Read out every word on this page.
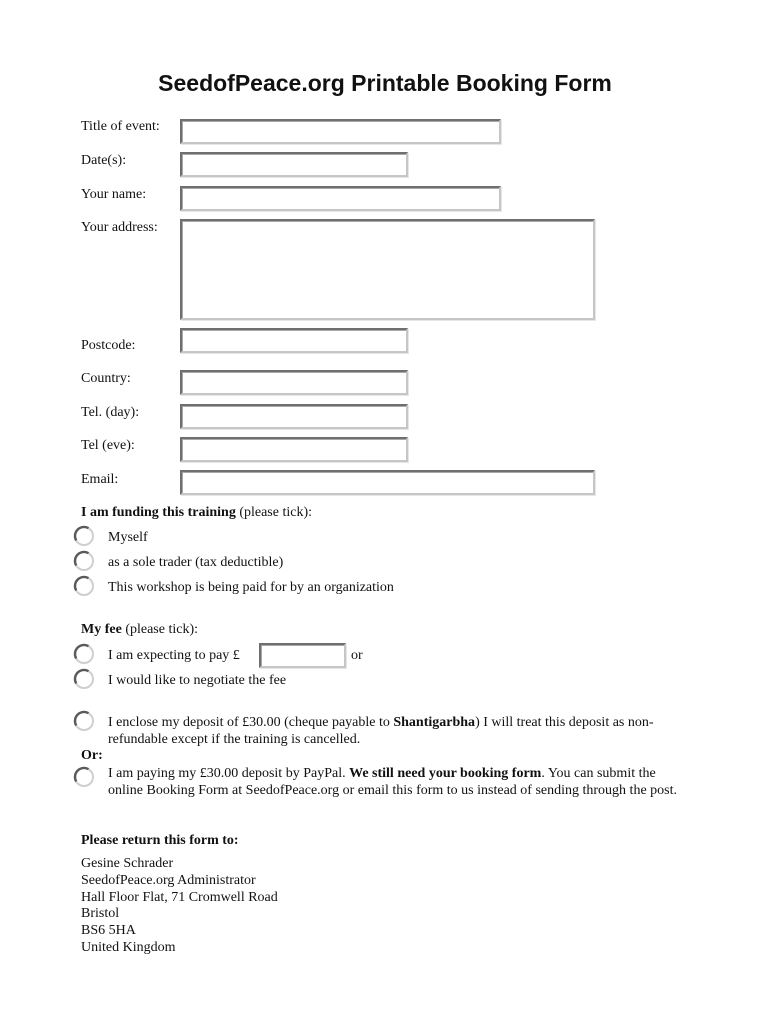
SeedofPeace.org Printable Booking Form
Title of event:
Date(s):
Your name:
Your address:
Postcode:
Country:
Tel. (day):
Tel (eve):
Email:
I am funding this training (please tick):
Myself
as a sole trader (tax deductible)
This workshop is being paid for by an organization
My fee (please tick):
I am expecting to pay £	or
I would like to negotiate the fee
I enclose my deposit of £30.00 (cheque payable to Shantigarbha) I will treat this deposit as non-refundable except if the training is cancelled.
Or:
I am paying my £30.00 deposit by PayPal. We still need your booking form. You can submit the online Booking Form at SeedofPeace.org or email this form to us instead of sending through the post.
Please return this form to:
Gesine Schrader
SeedofPeace.org Administrator
Hall Floor Flat, 71 Cromwell Road
Bristol
BS6 5HA
United Kingdom
